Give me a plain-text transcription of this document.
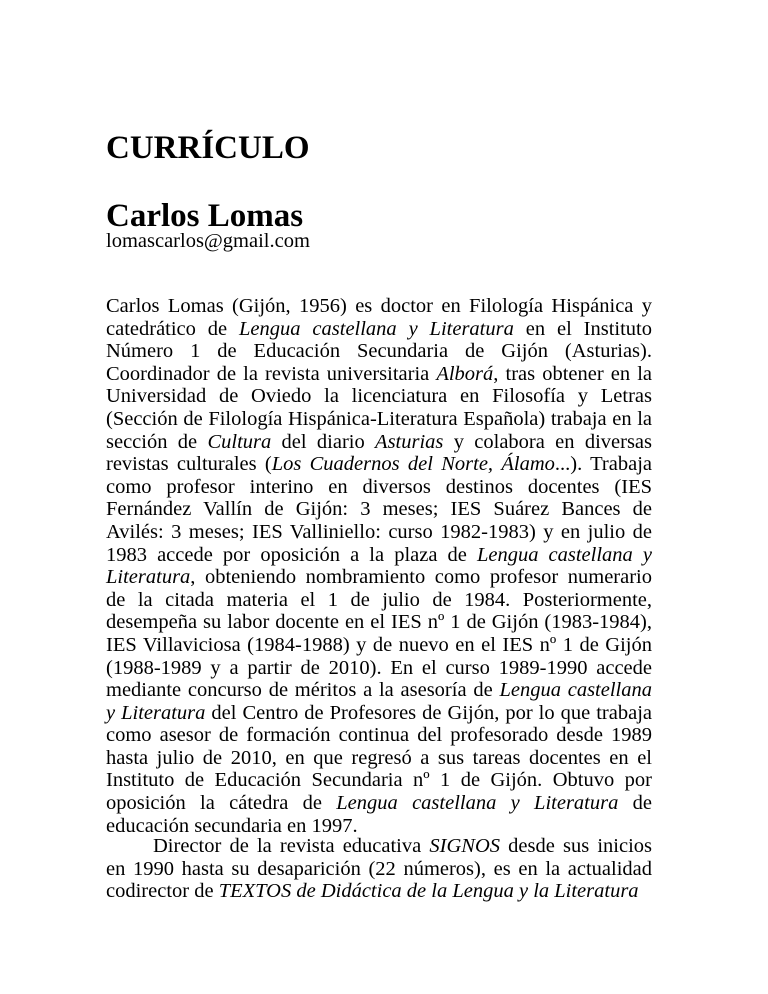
CURRÍCULO
Carlos Lomas
lomascarlos@gmail.com
Carlos Lomas (Gijón, 1956) es doctor en Filología Hispánica y
catedrático de Lengua castellana y Literatura en el Instituto
Número 1 de Educación Secundaria de Gijón (Asturias).
Coordinador de la revista universitaria Alborá, tras obtener en la
Universidad de Oviedo la licenciatura en Filosofía y Letras
(Sección de Filología Hispánica-Literatura Española) trabaja en la
sección de Cultura del diario Asturias y colabora en diversas
revistas culturales (Los Cuadernos del Norte, Álamo...). Trabaja
como profesor interino en diversos destinos docentes (IES
Fernández Vallín de Gijón: 3 meses; IES Suárez Bances de
Avilés: 3 meses; IES Valliniello: curso 1982-1983) y en julio de
1983 accede por oposición a la plaza de Lengua castellana y
Literatura, obteniendo nombramiento como profesor numerario
de la citada materia el 1 de julio de 1984. Posteriormente,
desempeña su labor docente en el IES nº 1 de Gijón (1983-1984),
IES Villaviciosa (1984-1988) y de nuevo en el IES nº 1 de Gijón
(1988-1989 y a partir de 2010). En el curso 1989-1990 accede
mediante concurso de méritos a la asesoría de Lengua castellana
y Literatura del Centro de Profesores de Gijón, por lo que trabaja
como asesor de formación continua del profesorado desde 1989
hasta julio de 2010, en que regresó a sus tareas docentes en el
Instituto de Educación Secundaria nº 1 de Gijón. Obtuvo por
oposición la cátedra de Lengua castellana y Literatura de
educación secundaria en 1997.
Director de la revista educativa SIGNOS desde sus inicios
en 1990 hasta su desaparición (22 números), es en la actualidad
codirector de TEXTOS de Didáctica de la Lengua y la Literatura
